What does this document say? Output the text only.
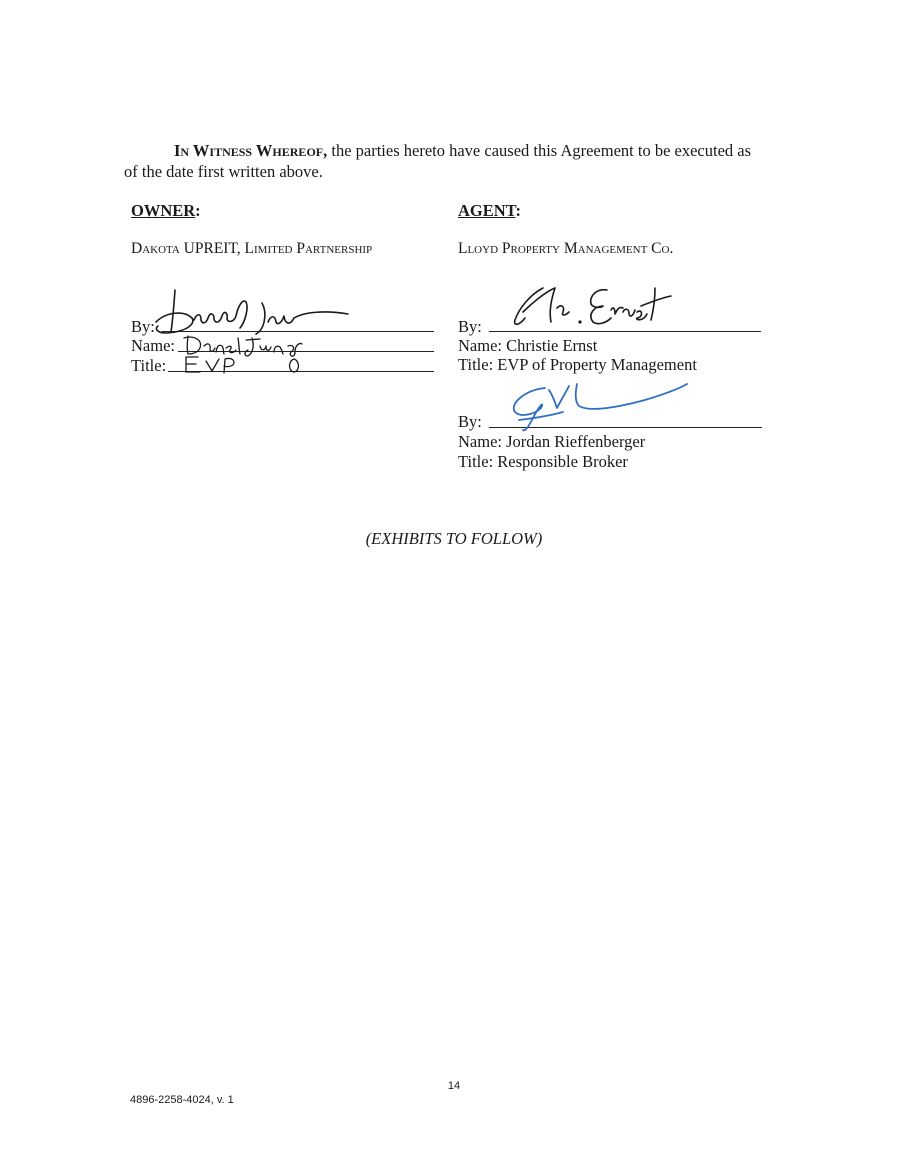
In Witness Whereof, the parties hereto have caused this Agreement to be executed as
of the date first written above.
OWNER:
Dakota UPREIT, Limited Partnership
By:
Name:
Title:
AGENT:
Lloyd Property Management Co.
By:
Name: Christie Ernst
Title: EVP of Property Management
By:
Name: Jordan Rieffenberger
Title: Responsible Broker
(EXHIBITS TO FOLLOW)
14
4896-2258-4024, v. 1
